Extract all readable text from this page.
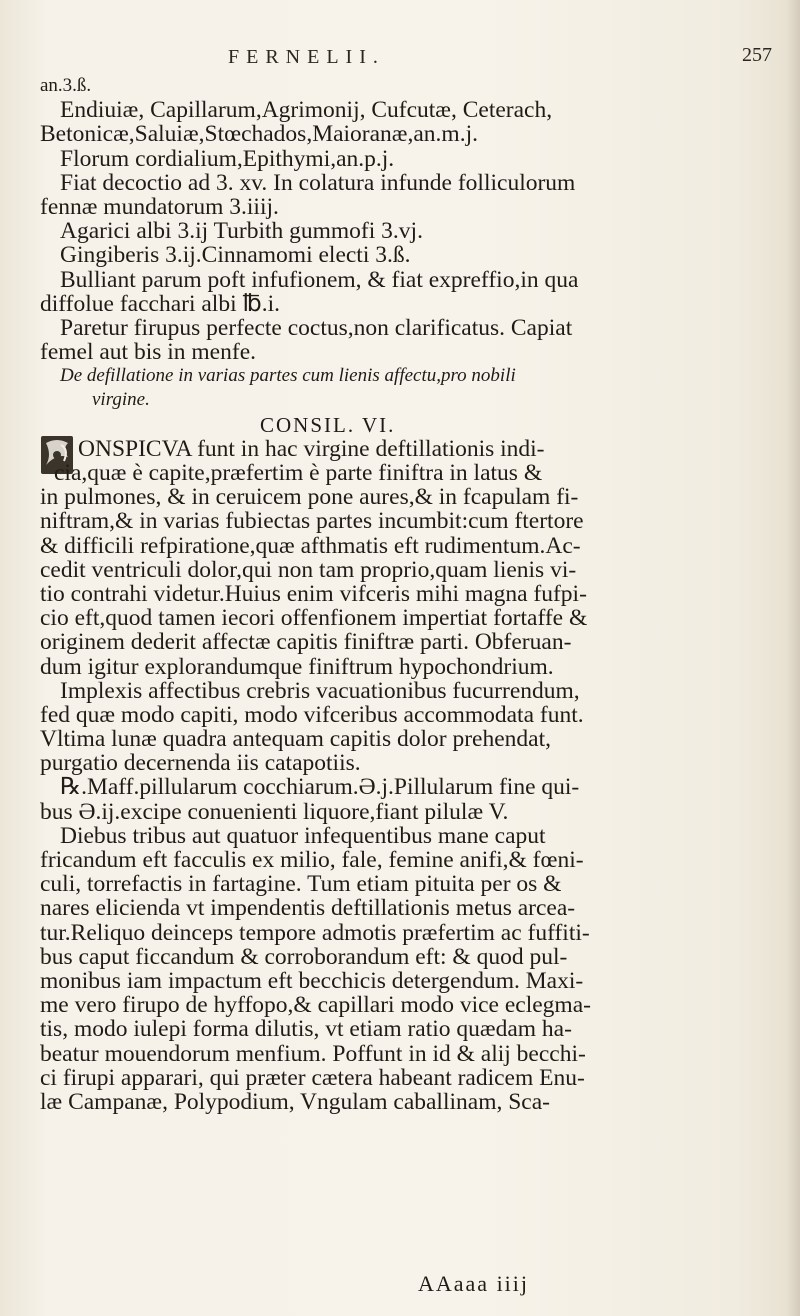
FERNELII.	257
an.3.ß.
Endiuiæ, Capillarum,Agrimonij, Cufcutæ, Ceterach,
Betonicæ,Saluiæ,Stœchados,Maioranæ,an.m.j.
Florum cordialium,Epithymi,an.p.j.
Fiat decoctio ad 3. xv. In colatura infunde folliculorum
fennæ mundatorum 3.iiij.
Agarici albi 3.ij Turbith gummofi 3.vj.
Gingiberis 3.ij.Cinnamomi electi 3.ß.
Bulliant parum poft infufionem, & fiat expreffio,in qua
diffolue facchari albi ℔.i.
Paretur firupus perfecte coctus,non clarificatus. Capiat
femel aut bis in menfe.
De defillatione in varias partes cum lienis affectu,pro nobili
virgine.
CONSIL. VI.
ONSPICVA funt in hac virgine deftillationis indi-
cia,quæ è capite,præfertim è parte finiftra in latus &
in pulmones, & in ceruicem pone aures,& in fcapulam fi-
niftram,& in varias fubiectas partes incumbit:cum ftertore
& difficili refpiratione,quæ afthmatis eft rudimentum.Ac-
cedit ventriculi dolor,qui non tam proprio,quam lienis vi-
tio contrahi videtur.Huius enim vifceris mihi magna fufpi-
cio eft,quod tamen iecori offenfionem impertiat fortaffe &
originem dederit affectæ capitis finiftræ parti. Obferuan-
dum igitur explorandumque finiftrum hypochondrium.
Implexis affectibus crebris vacuationibus fucurrendum,
fed quæ modo capiti, modo vifceribus accommodata funt.
Vltima lunæ quadra antequam capitis dolor prehendat,
purgatio decernenda iis catapotiis.
℞.Maff.pillularum cocchiarum.Ə.j.Pillularum fine qui-
bus Ə.ij.excipe conuenienti liquore,fiant pilulæ V.
Diebus tribus aut quatuor infequentibus mane caput
fricandum eft facculis ex milio, fale, femine anifi,& fœni-
culi, torrefactis in fartagine. Tum etiam pituita per os &
nares elicienda vt impendentis deftillationis metus arcea-
tur.Reliquo deinceps tempore admotis præfertim ac fuffiti-
bus caput ficcandum & corroborandum eft: & quod pul-
monibus iam impactum eft becchicis detergendum. Maxi-
me vero firupo de hyffopo,& capillari modo vice eclegma-
tis, modo iulepi forma dilutis, vt etiam ratio quædam ha-
beatur mouendorum menfium. Poffunt in id & alij becchi-
ci firupi apparari, qui præter cætera habeant radicem Enu-
læ Campanæ, Polypodium, Vngulam caballinam, Sca-
AAaaa iiij
